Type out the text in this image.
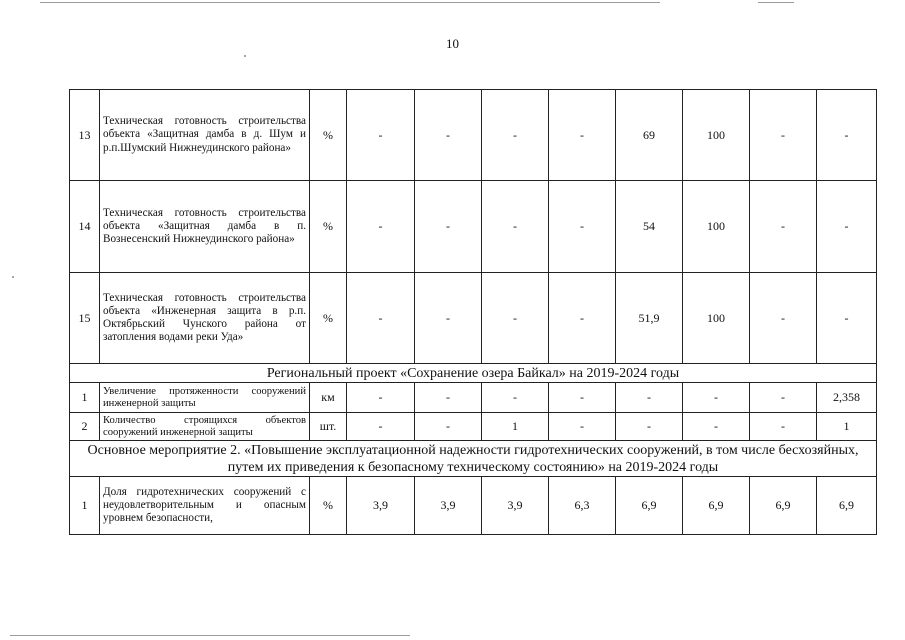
10
13	Техническая готовность строительства объекта «Защитная дамба в д. Шум и р.п.Шумский Нижнеудинского района»	%	-	-	-	-	69	100	-	-
14	Техническая готовность строительства объекта «Защитная дамба в п. Вознесенский Нижнеудинского района»	%	-	-	-	-	54	100	-	-
15	Техническая готовность строительства объекта «Инженерная защита в р.п. Октябрьский Чунского района от затопления водами реки Уда»	%	-	-	-	-	51,9	100	-	-
Региональный проект «Сохранение озера Байкал» на 2019-2024 годы										
1	Увеличение протяженности сооружений инженерной защиты	км	-	-	-	-	-	-	-	2,358
2	Количество строящихся объектов сооружений инженерной защиты	шт.	-	-	1	-	-	-	-	1
Основное мероприятие 2. «Повышение эксплуатационной надежности гидротехнических сооружений, в том числе бесхозяйных, путем их приведения к безопасному техническому состоянию» на 2019-2024 годы										
1	Доля гидротехнических сооружений с неудовлетворительным и опасным уровнем безопасности,	%	3,9	3,9	3,9	6,3	6,9	6,9	6,9	6,9
